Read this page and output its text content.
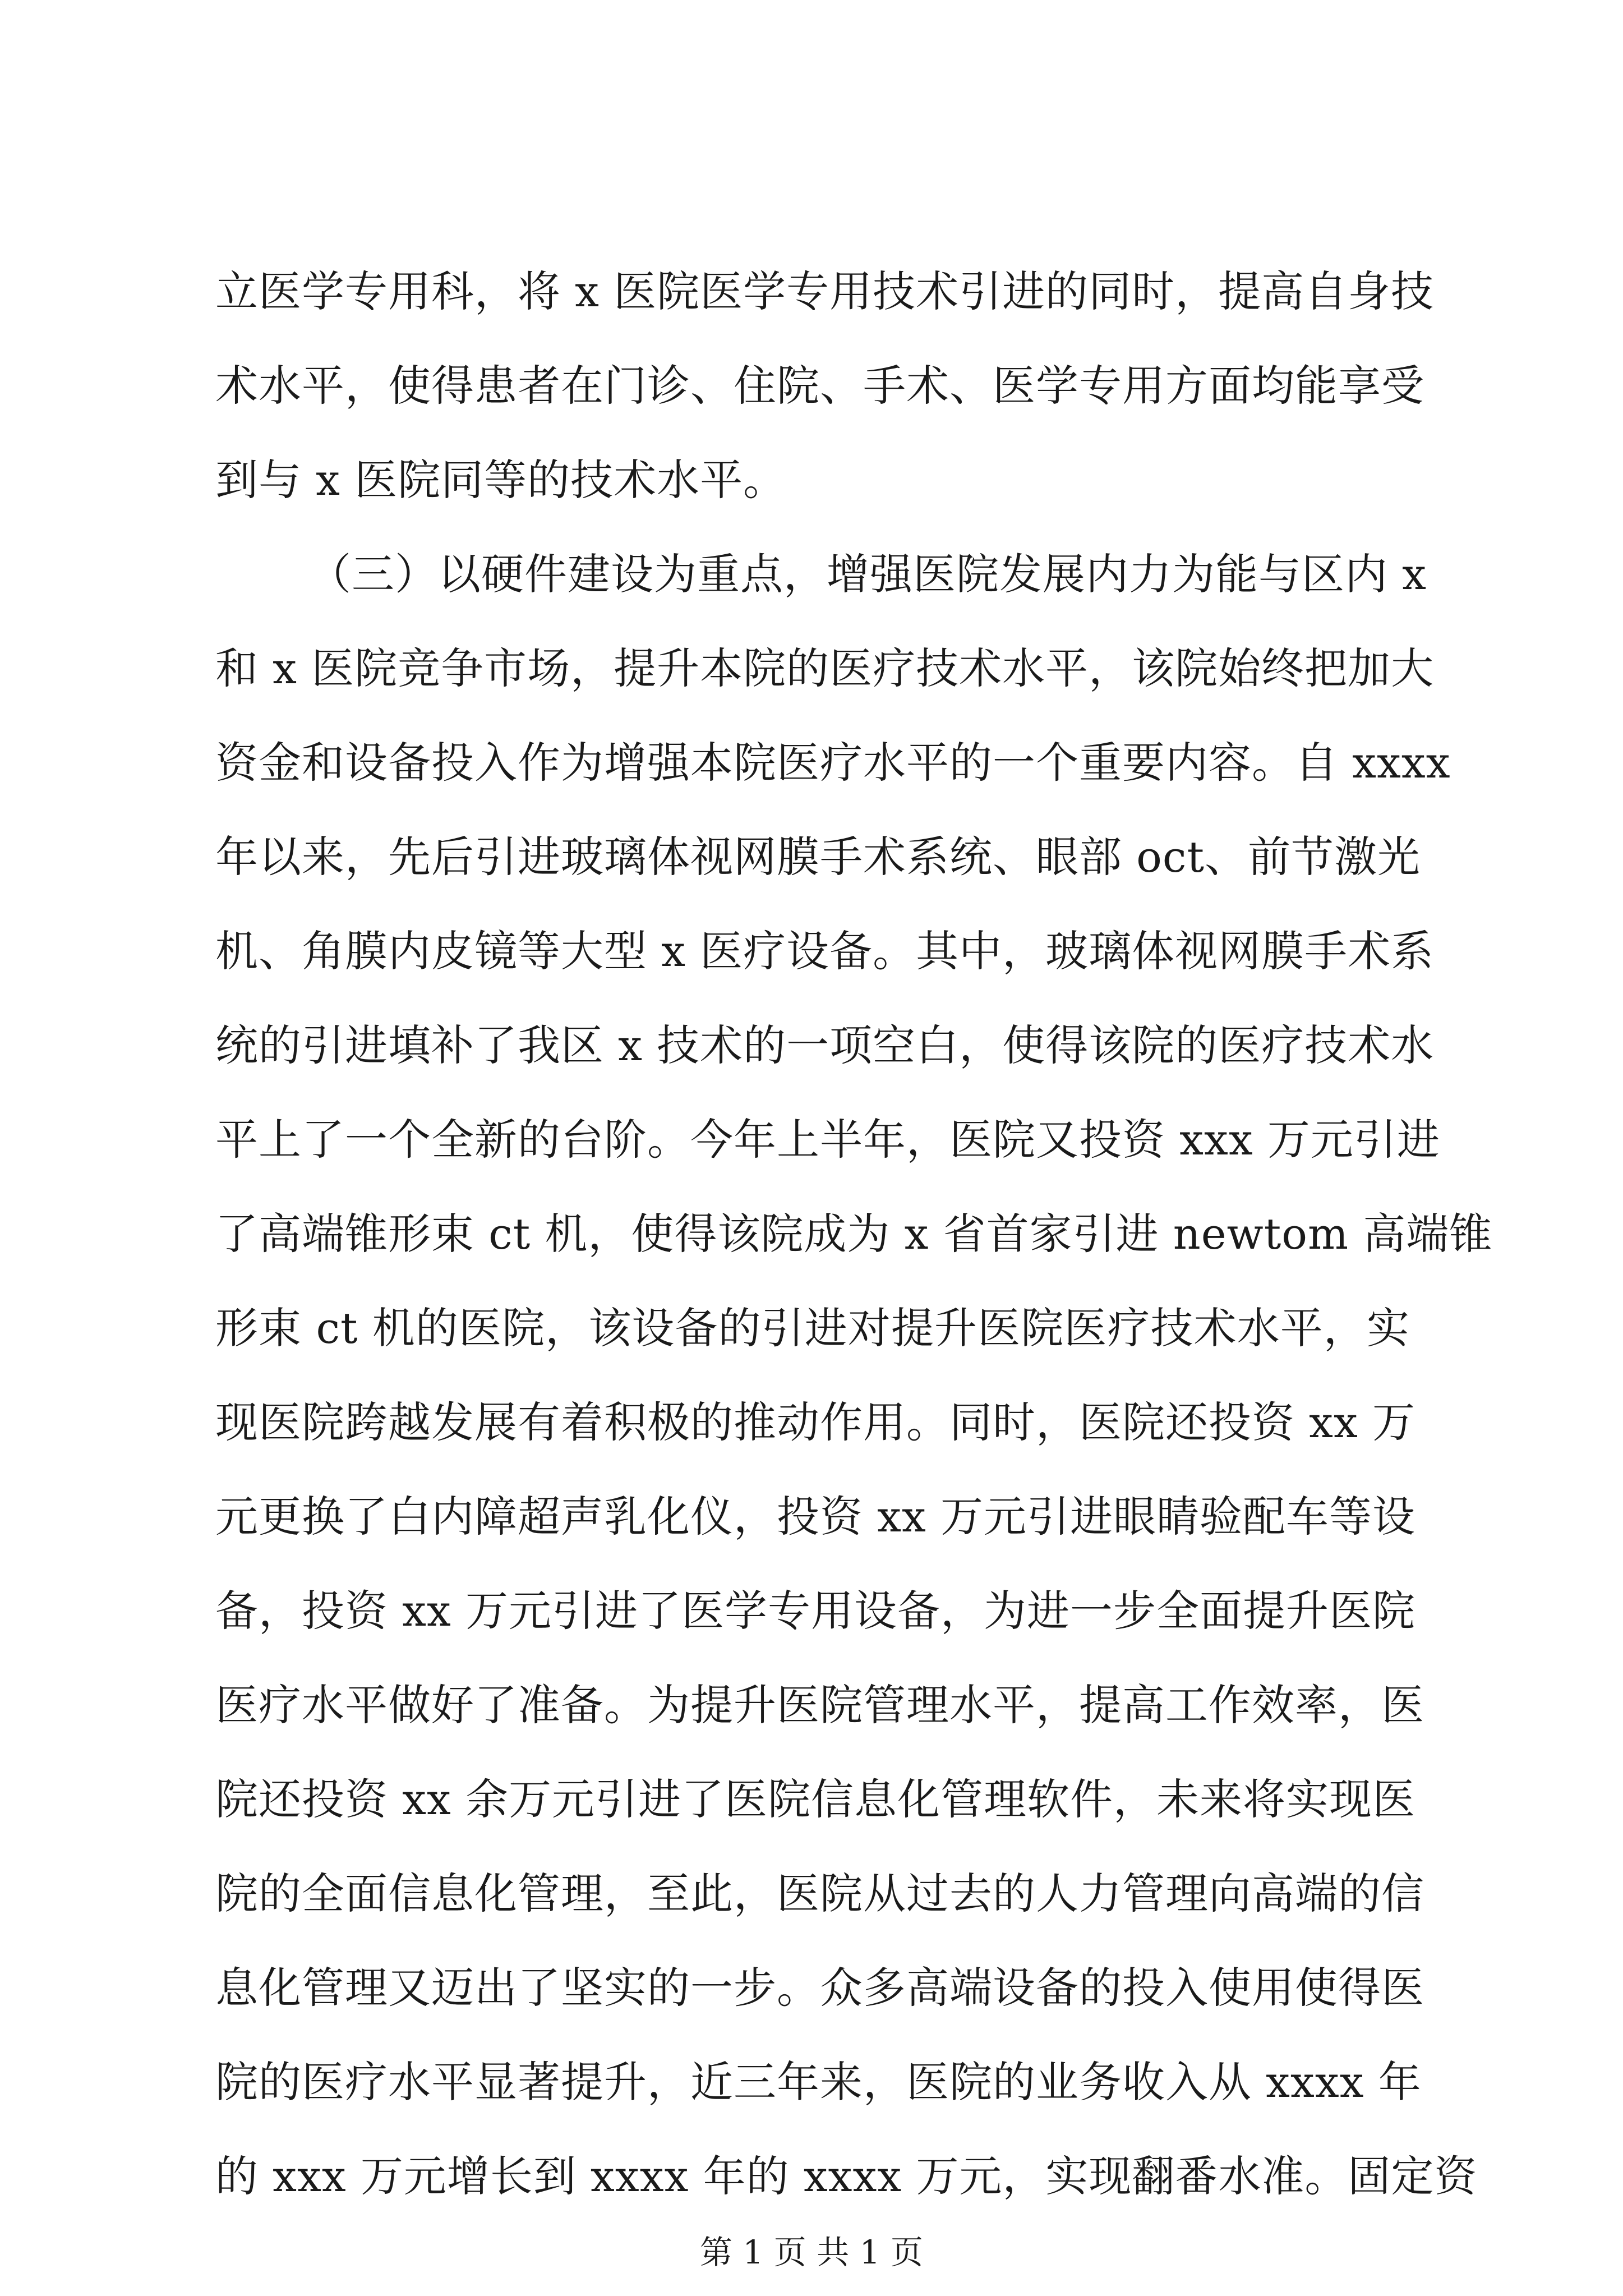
立医学专用科，将 x 医院医学专用技术引进的同时，提高自身技
术水平，使得患者在门诊、住院、手术、医学专用方面均能享受
到与 x 医院同等的技术水平。
（三）以硬件建设为重点，增强医院发展内力为能与区内 x
和 x 医院竞争市场，提升本院的医疗技术水平，该院始终把加大
资金和设备投入作为增强本院医疗水平的一个重要内容。自 xxxx
年以来，先后引进玻璃体视网膜手术系统、眼部 oct、前节激光
机、角膜内皮镜等大型 x 医疗设备。其中，玻璃体视网膜手术系
统的引进填补了我区 x 技术的一项空白，使得该院的医疗技术水
平上了一个全新的台阶。今年上半年，医院又投资 xxx 万元引进
了高端锥形束 ct 机，使得该院成为 x 省首家引进 newtom 高端锥
形束 ct 机的医院，该设备的引进对提升医院医疗技术水平，实
现医院跨越发展有着积极的推动作用。同时，医院还投资 xx 万
元更换了白内障超声乳化仪，投资 xx 万元引进眼睛验配车等设
备，投资 xx 万元引进了医学专用设备，为进一步全面提升医院
医疗水平做好了准备。为提升医院管理水平，提高工作效率，医
院还投资 xx 余万元引进了医院信息化管理软件，未来将实现医
院的全面信息化管理，至此，医院从过去的人力管理向高端的信
息化管理又迈出了坚实的一步。众多高端设备的投入使用使得医
院的医疗水平显著提升，近三年来，医院的业务收入从 xxxx 年
的 xxx 万元增长到 xxxx 年的 xxxx 万元，实现翻番水准。固定资
第 1 页 共 1 页
